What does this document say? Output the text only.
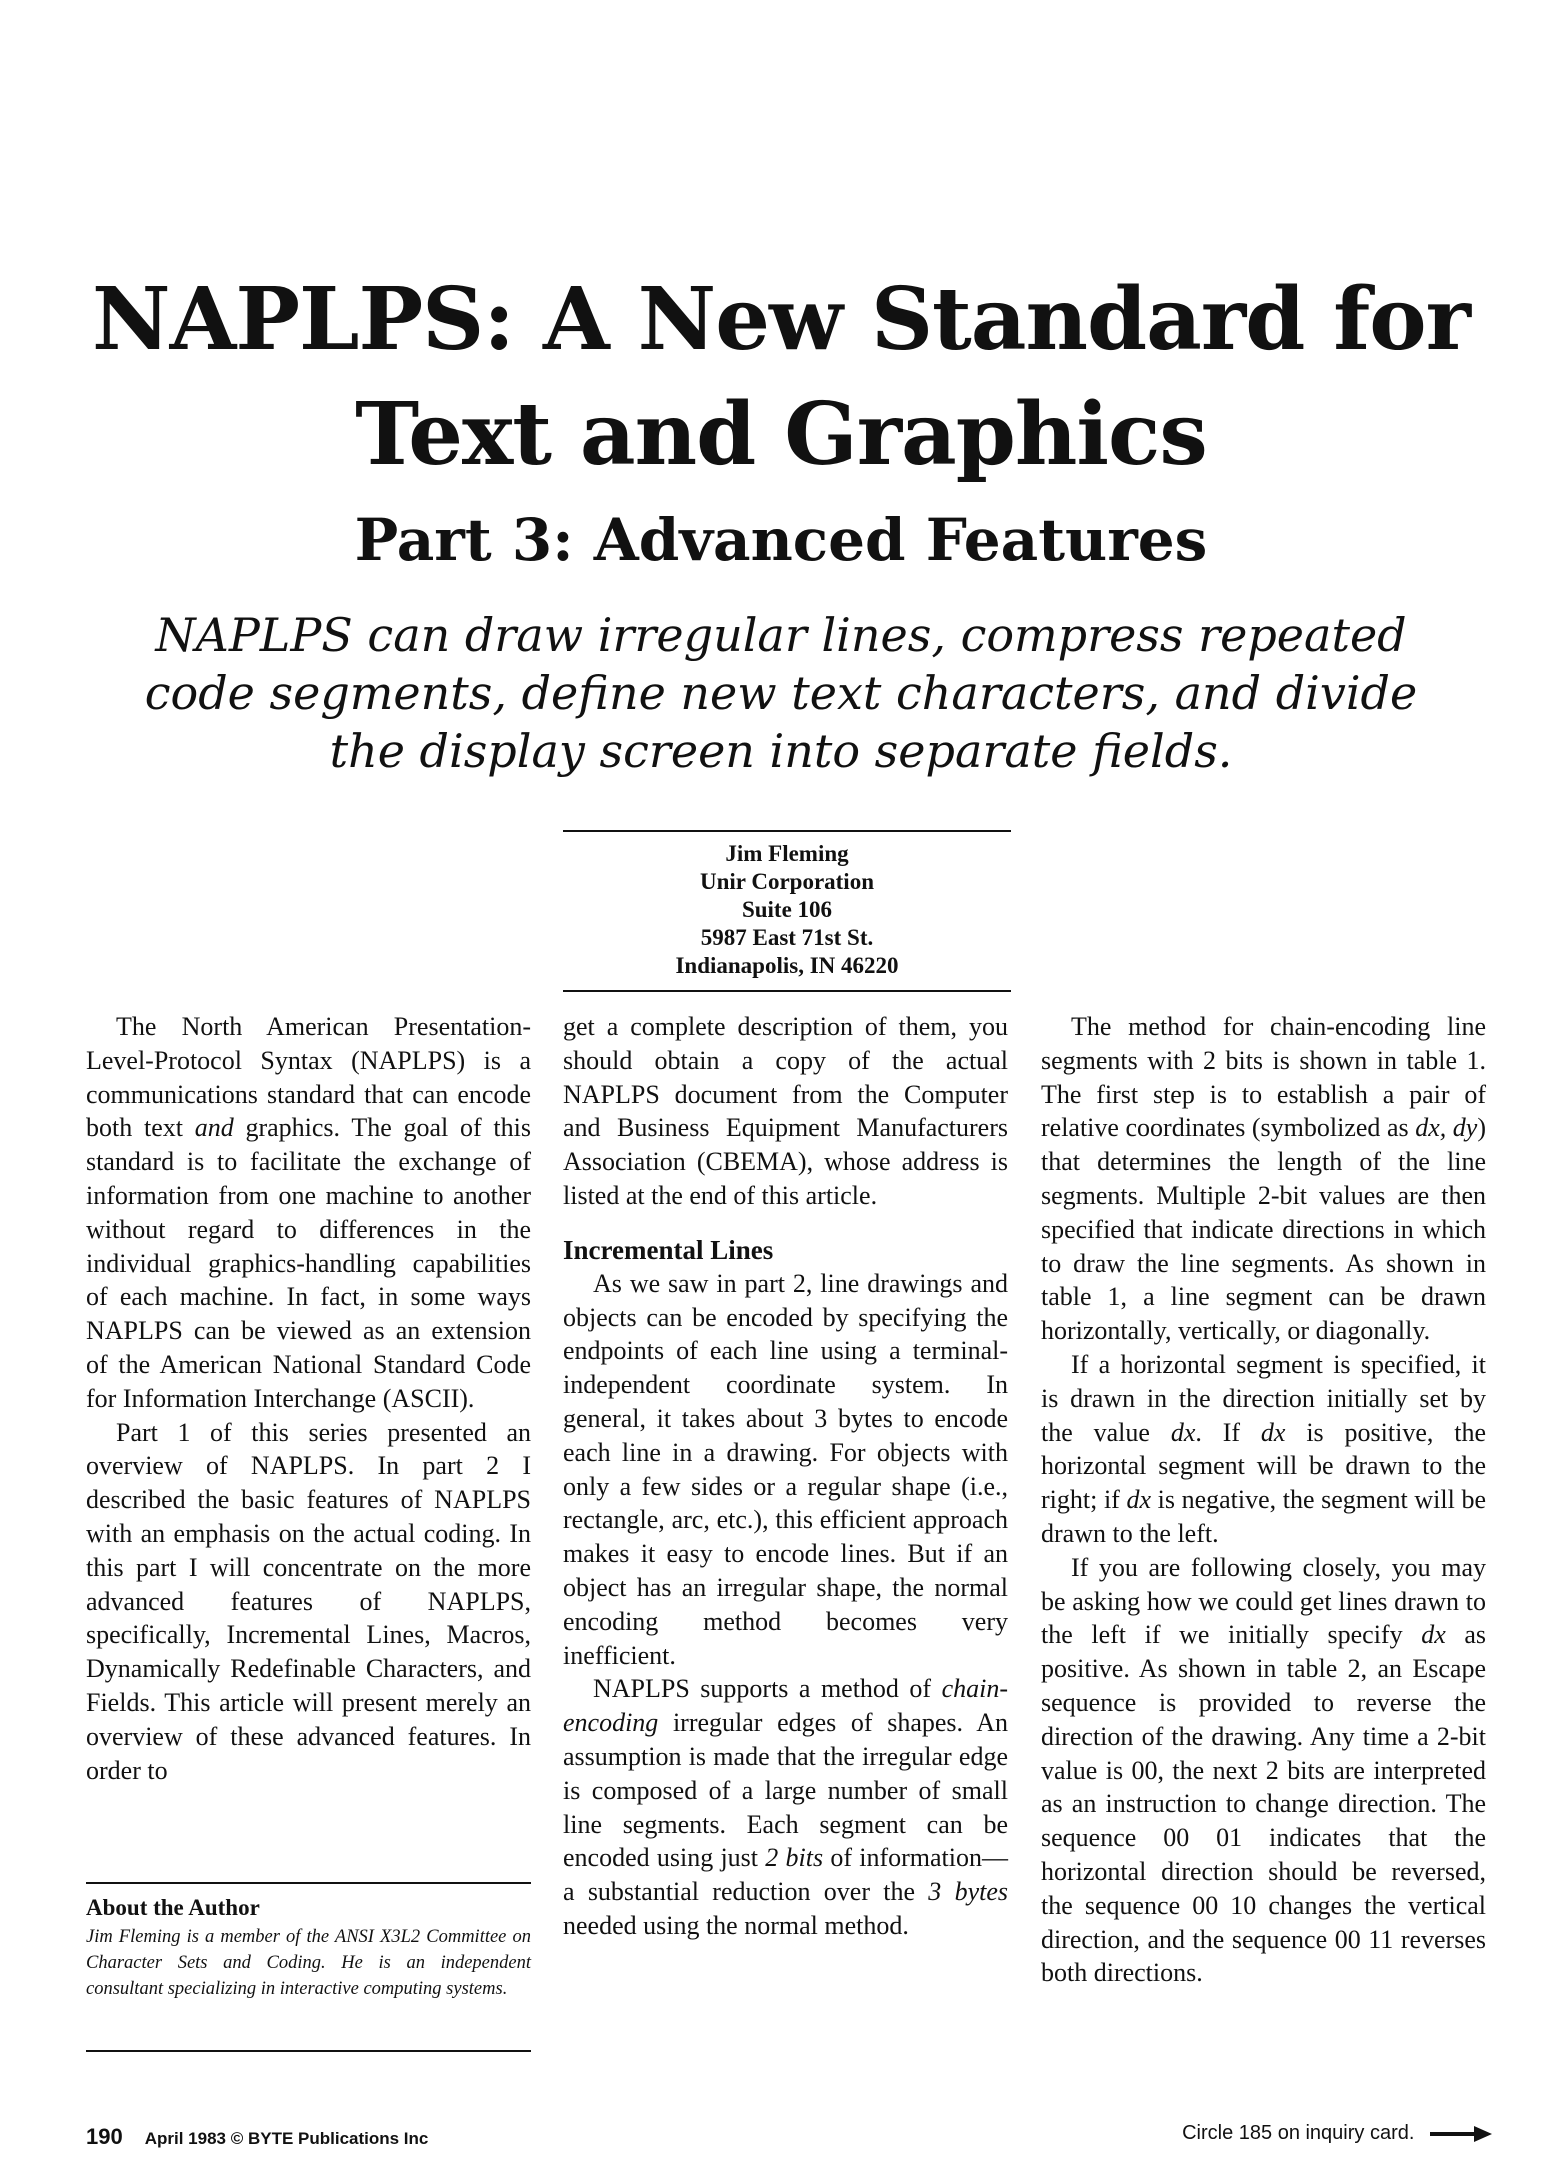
NAPLPS: A New Standard for
Text and Graphics
Part 3: Advanced Features

NAPLPS can draw irregular lines, compress repeated code segments, define new text characters, and divide the display screen into separate fields.

Jim Fleming
Unir Corporation
Suite 106
5987 East 71st St.
Indianapolis, IN 46220

The North American Presentation-Level-Protocol Syntax (NAPLPS) is a communications standard that can encode both text and graphics. The goal of this standard is to facilitate the exchange of information from one machine to another without regard to differences in the individual graphics-handling capabilities of each machine. In fact, in some ways NAPLPS can be viewed as an extension of the American National Standard Code for Information Interchange (ASCII).

Part 1 of this series presented an overview of NAPLPS. In part 2 I described the basic features of NAPLPS with an emphasis on the actual coding. In this part I will concentrate on the more advanced features of NAPLPS, specifically, Incremental Lines, Macros, Dynamically Redefinable Characters, and Fields. This article will present merely an overview of these advanced features. In order to

About the Author

Jim Fleming is a member of the ANSI X3L2 Committee on Character Sets and Coding. He is an independent consultant specializing in interactive computing systems.

get a complete description of them, you should obtain a copy of the actual NAPLPS document from the Computer and Business Equipment Manufacturers Association (CBEMA), whose address is listed at the end of this article.

Incremental Lines

As we saw in part 2, line drawings and objects can be encoded by specifying the endpoints of each line using a terminal-independent coordinate system. In general, it takes about 3 bytes to encode each line in a drawing. For objects with only a few sides or a regular shape (i.e., rectangle, arc, etc.), this efficient approach makes it easy to encode lines. But if an object has an irregular shape, the normal encoding method becomes very inefficient.

NAPLPS supports a method of chain-encoding irregular edges of shapes. An assumption is made that the irregular edge is composed of a large number of small line segments. Each segment can be encoded using just 2 bits of information—a substantial reduction over the 3 bytes needed using the normal method.

The method for chain-encoding line segments with 2 bits is shown in table 1. The first step is to establish a pair of relative coordinates (symbolized as dx, dy) that determines the length of the line segments. Multiple 2-bit values are then specified that indicate directions in which to draw the line segments. As shown in table 1, a line segment can be drawn horizontally, vertically, or diagonally.

If a horizontal segment is specified, it is drawn in the direction initially set by the value dx. If dx is positive, the horizontal segment will be drawn to the right; if dx is negative, the segment will be drawn to the left.

If you are following closely, you may be asking how we could get lines drawn to the left if we initially specify dx as positive. As shown in table 2, an Escape sequence is provided to reverse the direction of the drawing. Any time a 2-bit value is 00, the next 2 bits are interpreted as an instruction to change direction. The sequence 00 01 indicates that the horizontal direction should be reversed, the sequence 00 10 changes the vertical direction, and the sequence 00 11 reverses both directions.

190 April 1983 © BYTE Publications Inc	Circle 185 on inquiry card.
